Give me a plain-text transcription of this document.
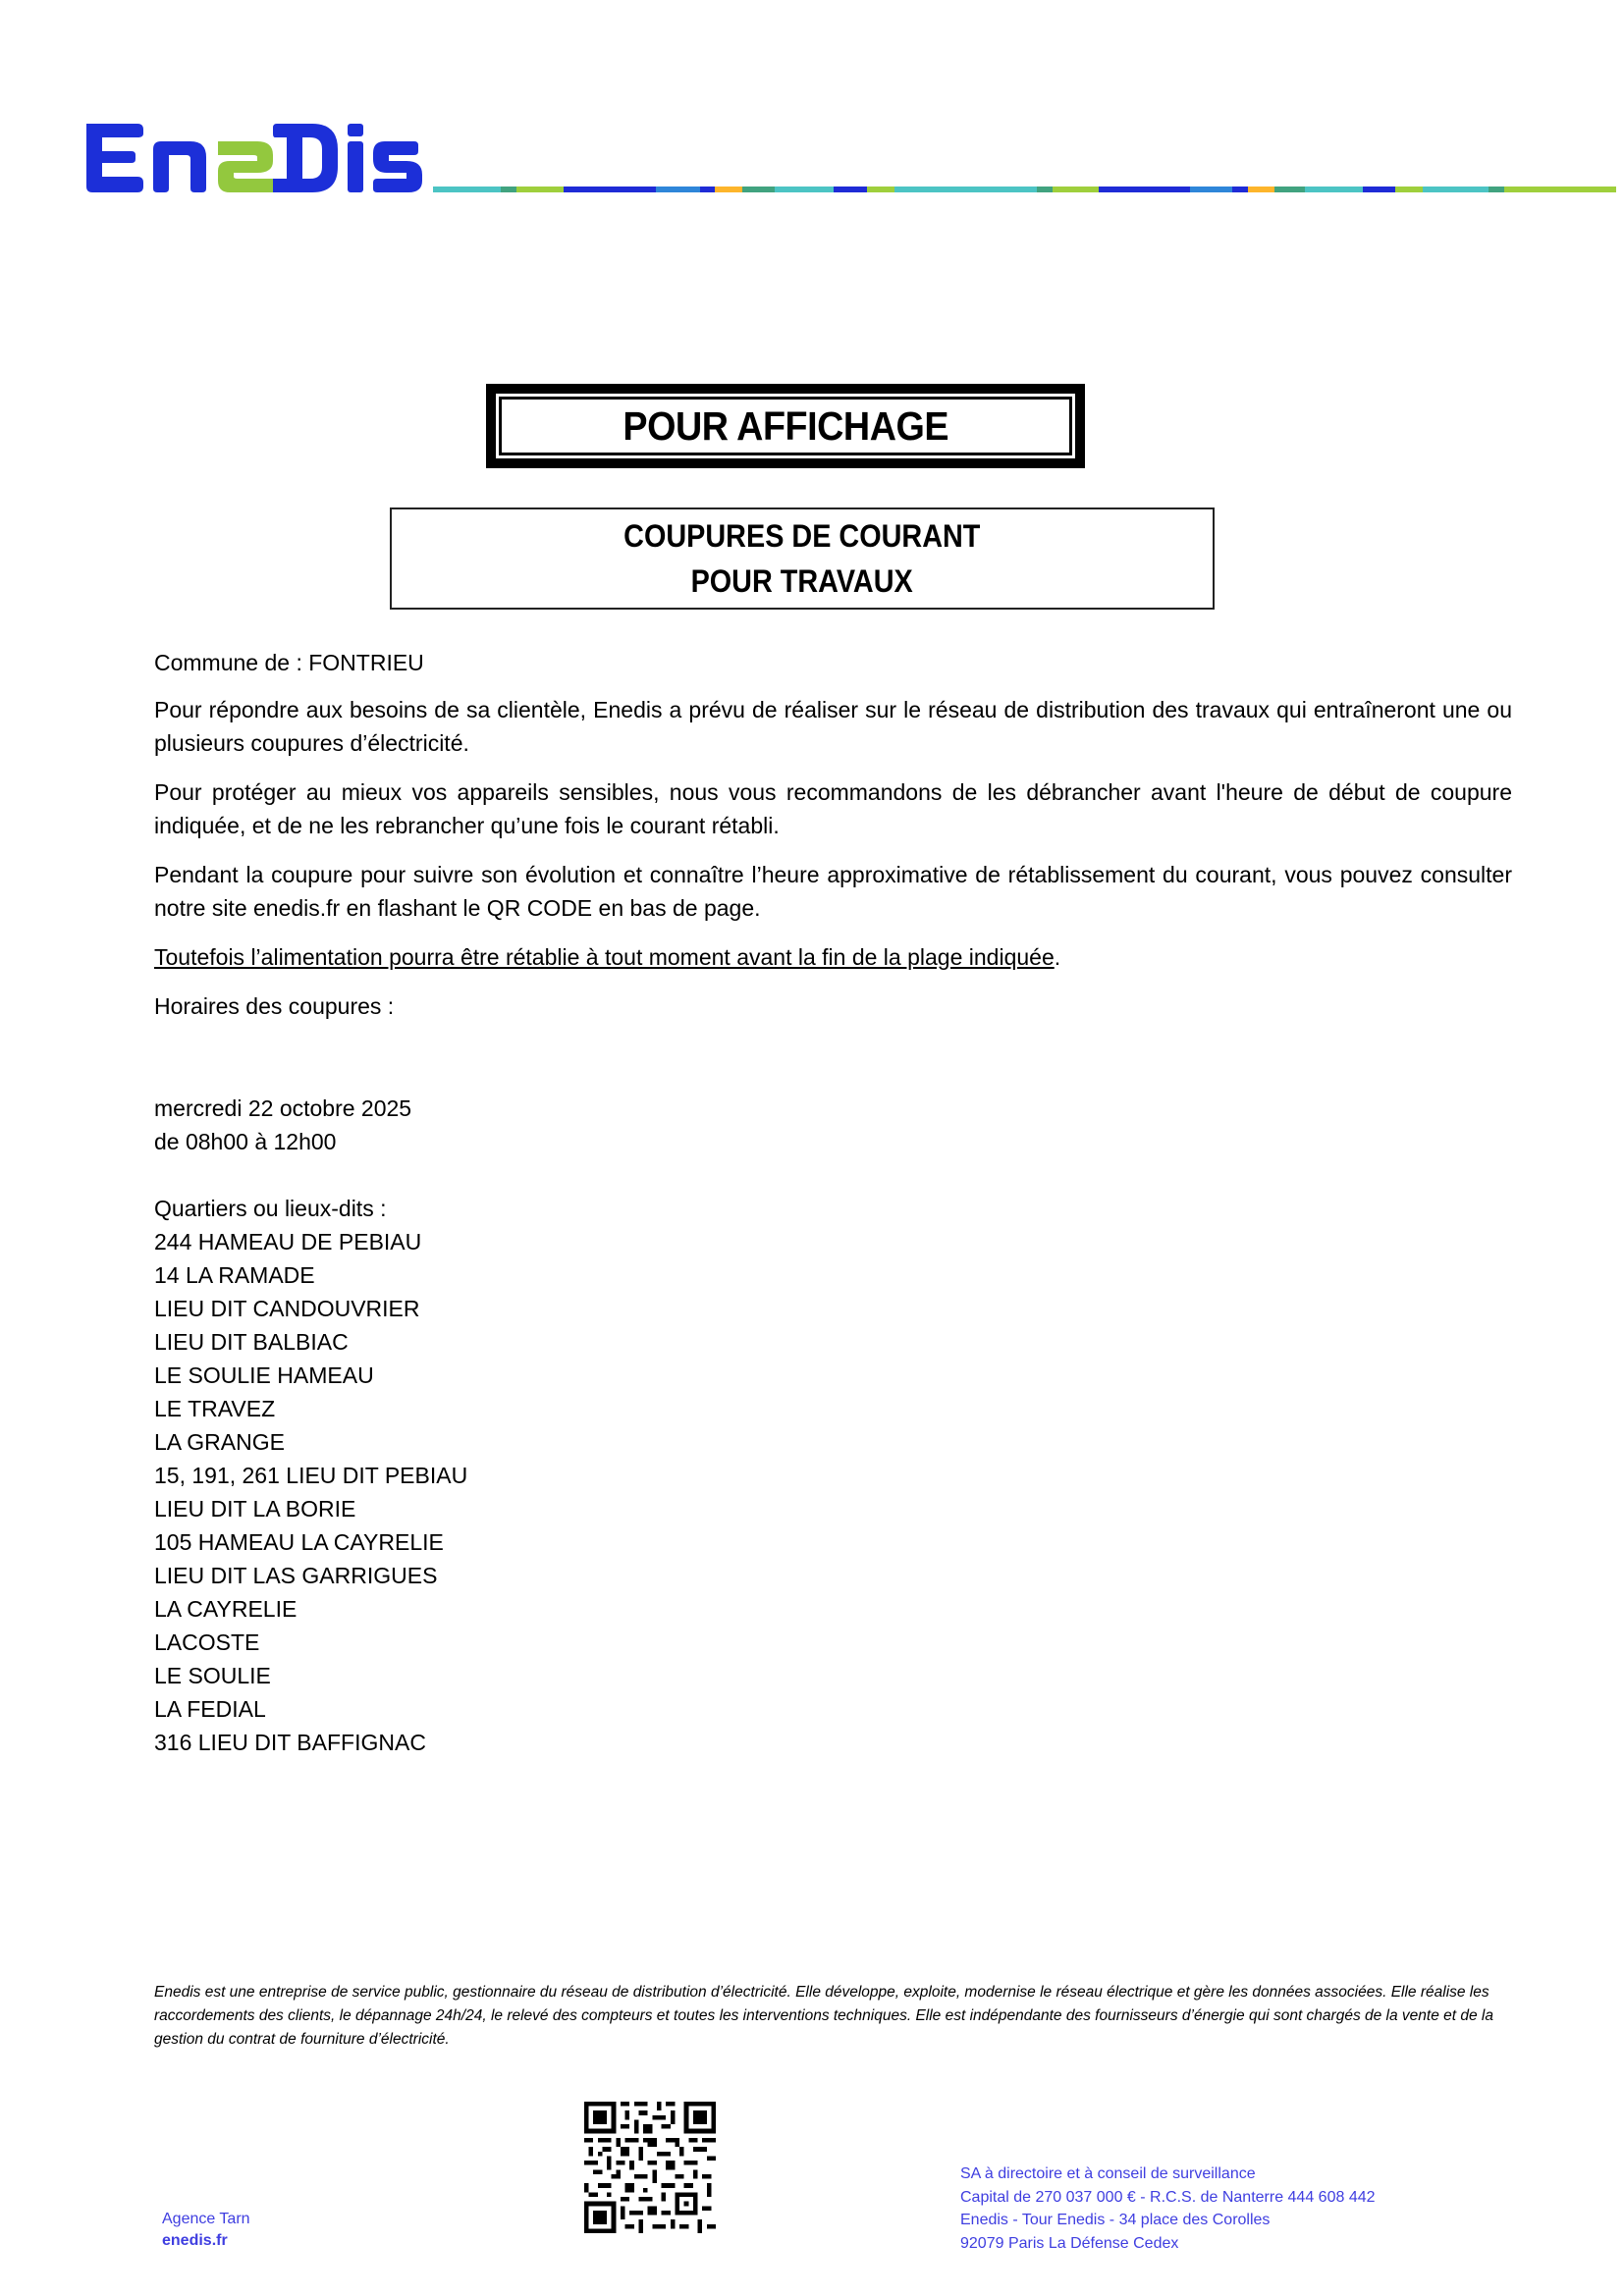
POUR AFFICHAGE
COUPURES DE COURANT
POUR TRAVAUX

Commune de : FONTRIEU

Pour répondre aux besoins de sa clientèle, Enedis a prévu de réaliser sur le réseau de distribution des travaux qui entraîneront une ou plusieurs coupures d’électricité.

Pour protéger au mieux vos appareils sensibles, nous vous recommandons de les débrancher avant l'heure de début de coupure indiquée, et de ne les rebrancher qu’une fois le courant rétabli.

Pendant la coupure pour suivre son évolution et connaître l’heure approximative de rétablissement du courant, vous pouvez consulter notre site enedis.fr en flashant le QR CODE en bas de page.

Toutefois l’alimentation pourra être rétablie à tout moment avant la fin de la plage indiquée.

Horaires des coupures :

mercredi 22 octobre 2025
de 08h00 à 12h00
Quartiers ou lieux-dits :
244 HAMEAU DE PEBIAU
14 LA RAMADE
LIEU DIT CANDOUVRIER
LIEU DIT BALBIAC
LE SOULIE HAMEAU
LE TRAVEZ
LA GRANGE
15, 191, 261 LIEU DIT PEBIAU
LIEU DIT LA BORIE
105 HAMEAU LA CAYRELIE
LIEU DIT LAS GARRIGUES
LA CAYRELIE
LACOSTE
LE SOULIE
LA FEDIAL
316 LIEU DIT BAFFIGNAC
Enedis est une entreprise de service public, gestionnaire du réseau de distribution d’électricité. Elle développe, exploite, modernise le réseau électrique et gère les données associées. Elle réalise les raccordements des clients, le dépannage 24h/24, le relevé des compteurs et toutes les interventions techniques. Elle est indépendante des fournisseurs d’énergie qui sont chargés de la vente et de la gestion du contrat de fourniture d’électricité.
Agence Tarn
enedis.fr
SA à directoire et à conseil de surveillance
Capital de 270 037 000 € - R.C.S. de Nanterre 444 608 442
Enedis - Tour Enedis - 34 place des Corolles
92079 Paris La Défense Cedex
